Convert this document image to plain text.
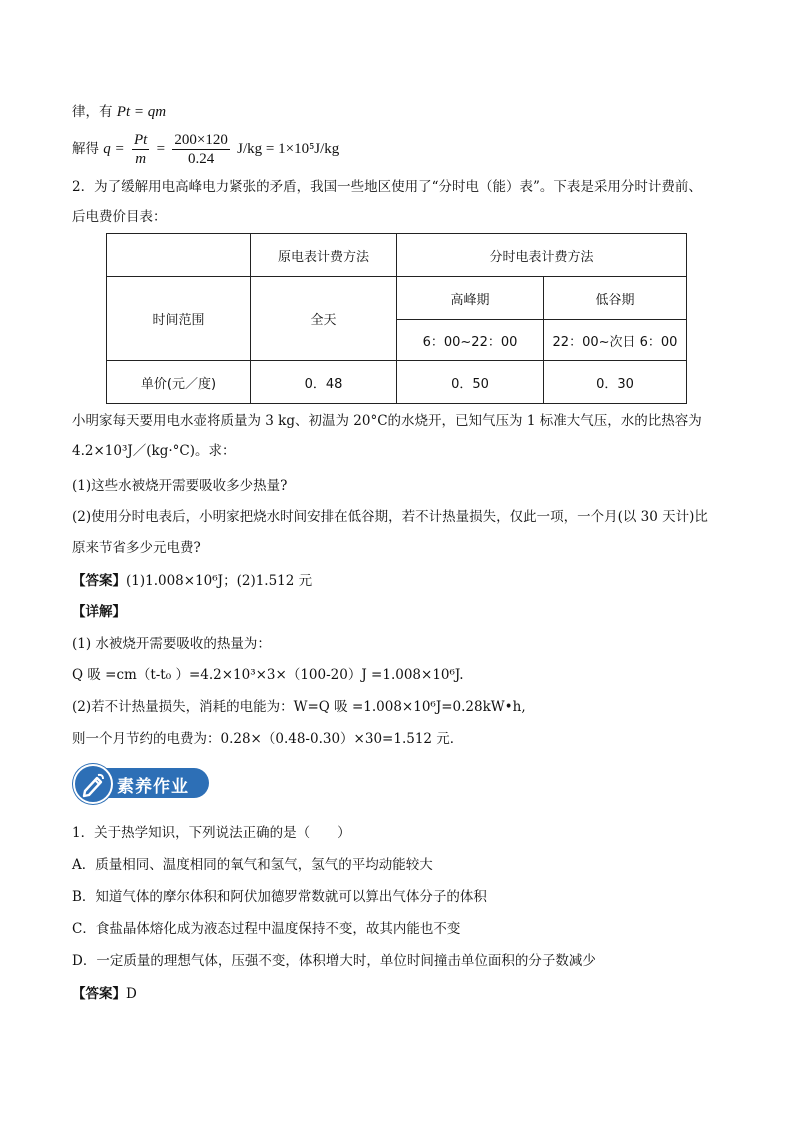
律，有 Pt = qm
解得 $q = \frac{Pt}{m} = \frac{200\times 120}{0.24} J/kg = 1\times 10^5J/kg$
2．为了缓解用电高峰电力紧张的矛盾，我国一些地区使用了“分时电（能）表”。下表是采用分时计费前、
后电费价目表：
	原电表计费方法	分时电表计费方法	
时间范围	全天	高峰期	低谷期
		6：00~22：00	22：00~次日 6：00
单价(元／度)	0．48	0．50	0．30
小明家每天要用电水壶将质量为 3 kg、初温为 20°C的水烧开，已知气压为 1 标准大气压，水的比热容为
4.2×10³J／(kg·°C)。求：
(1)这些水被烧开需要吸收多少热量?
(2)使用分时电表后，小明家把烧水时间安排在低谷期，若不计热量损失，仅此一项，一个月(以 30 天计)比
原来节省多少元电费?
【答案】(1)1.008×10⁶J；(2)1.512 元
【详解】
(1) 水被烧开需要吸收的热量为：
Q 吸 =cm（t-t₀ ）=4.2×10³×3×（100-20）J =1.008×10⁶J.
(2)若不计热量损失，消耗的电能为：W=Q 吸 =1.008×10⁶J=0.28kW•h,
则一个月节约的电费为：0.28×（0.48-0.30）×30=1.512 元．
素养作业
1．关于热学知识，下列说法正确的是（　　）
A．质量相同、温度相同的氧气和氢气，氢气的平均动能较大
B．知道气体的摩尔体积和阿伏加德罗常数就可以算出气体分子的体积
C．食盐晶体熔化成为液态过程中温度保持不变，故其内能也不变
D．一定质量的理想气体，压强不变，体积增大时，单位时间撞击单位面积的分子数减少
【答案】D
